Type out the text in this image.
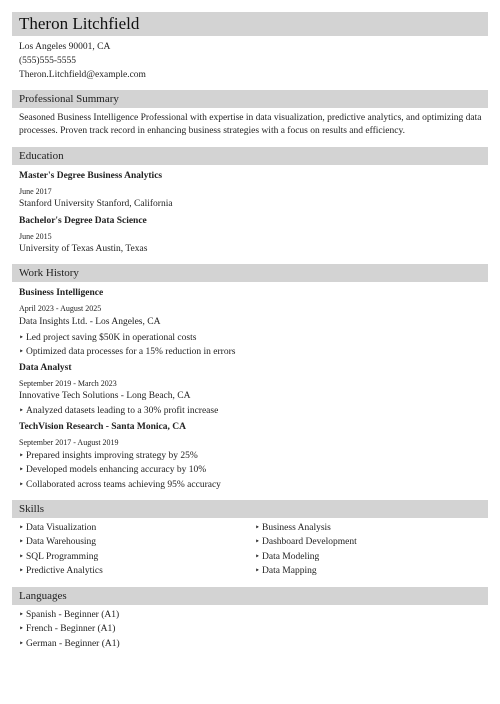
Theron Litchfield
Los Angeles 90001, CA
(555)555-5555
Theron.Litchfield@example.com
Professional Summary
Seasoned Business Intelligence Professional with expertise in data visualization, predictive analytics, and optimizing data processes. Proven track record in enhancing business strategies with a focus on results and efficiency.
Education
Master's Degree Business Analytics
June 2017
Stanford University Stanford, California
Bachelor's Degree Data Science
June 2015
University of Texas Austin, Texas
Work History
Business Intelligence
April 2023 - August 2025
Data Insights Ltd. - Los Angeles, CA
‣ Led project saving $50K in operational costs
‣ Optimized data processes for a 15% reduction in errors
Data Analyst
September 2019 - March 2023
Innovative Tech Solutions - Long Beach, CA
‣ Analyzed datasets leading to a 30% profit increase
TechVision Research - Santa Monica, CA
September 2017 - August 2019
‣ Prepared insights improving strategy by 25%
‣ Developed models enhancing accuracy by 10%
‣ Collaborated across teams achieving 95% accuracy
Skills
‣ Data Visualization
‣ Data Warehousing
‣ SQL Programming
‣ Predictive Analytics
‣ Business Analysis
‣ Dashboard Development
‣ Data Modeling
‣ Data Mapping
Languages
‣ Spanish - Beginner (A1)
‣ French - Beginner (A1)
‣ German - Beginner (A1)
